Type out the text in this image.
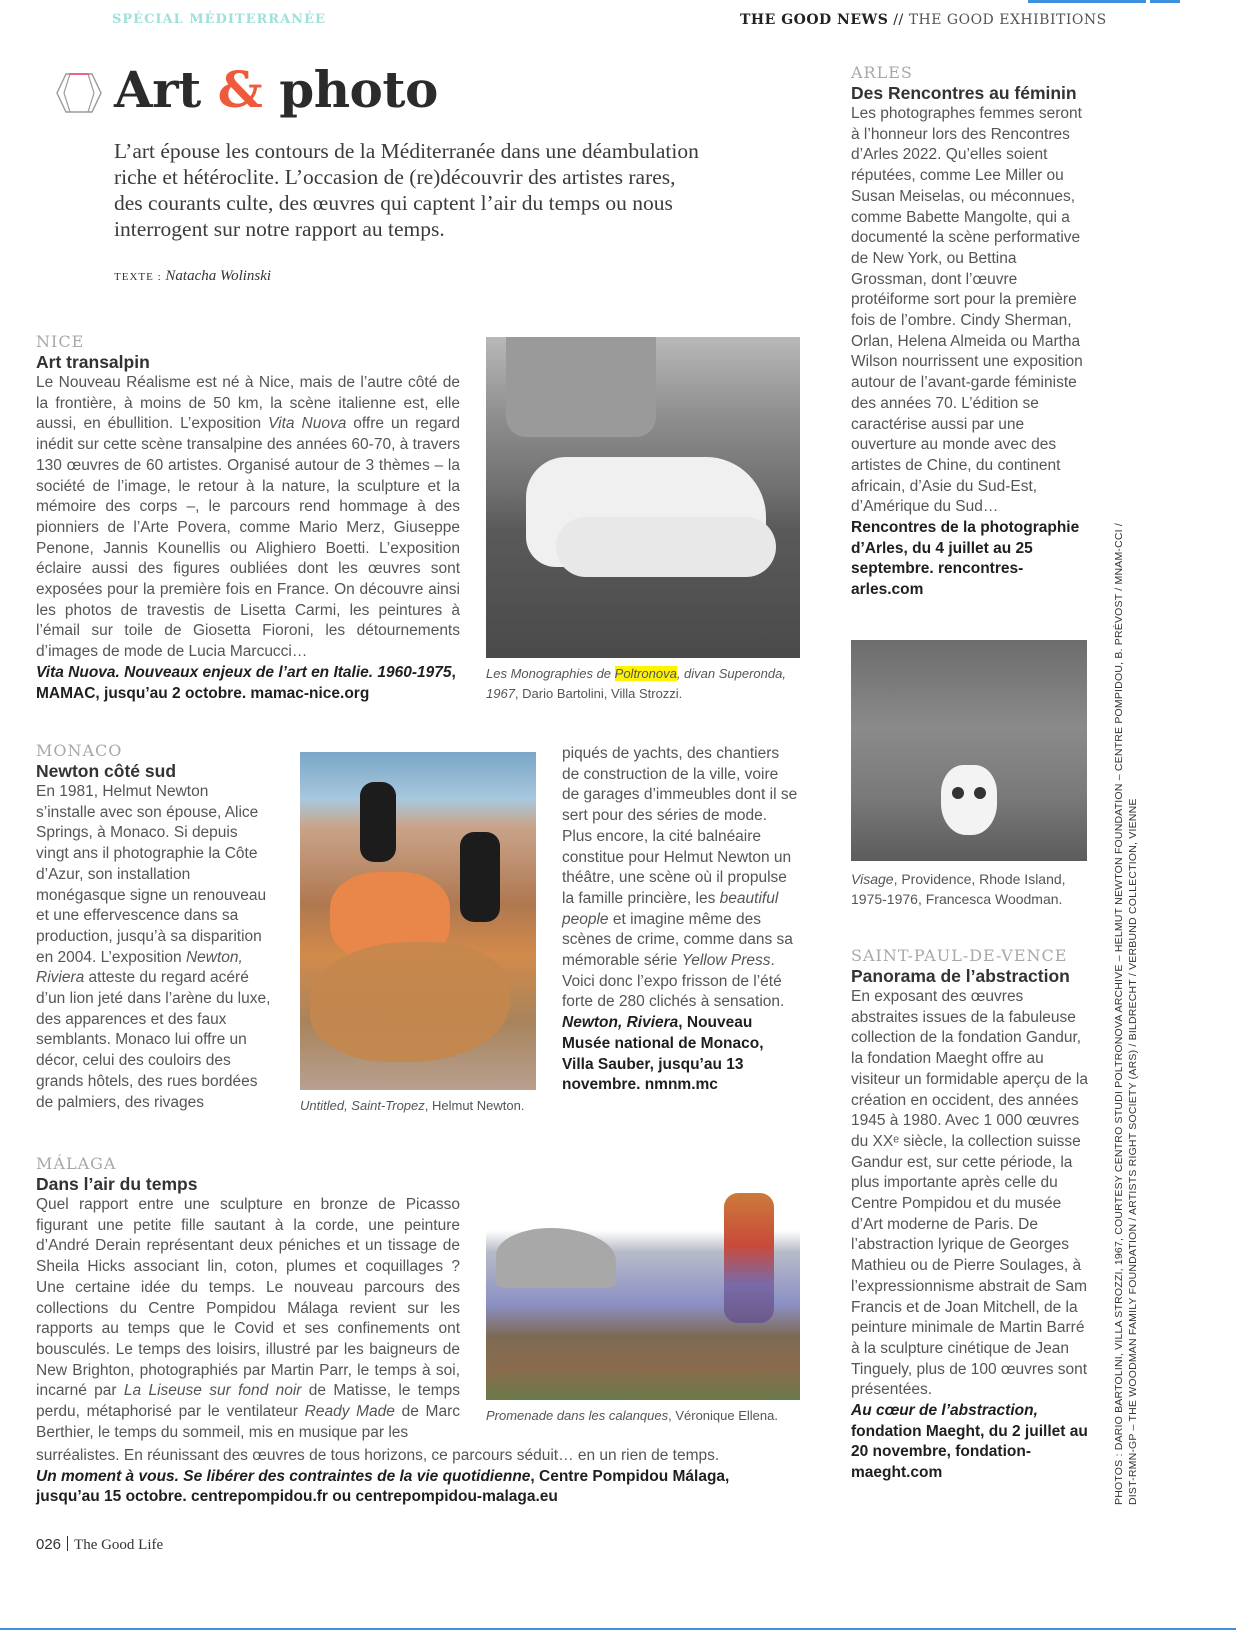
SPÉCIAL MÉDITERRANÉE	THE GOOD NEWS // THE GOOD EXHIBITIONS
Art & photo

L’art épouse les contours de la Méditerranée dans une déambulation riche et hétéroclite. L’occasion de (re)découvrir des artistes rares, des courants culte, des œuvres qui captent l’air du temps ou nous interrogent sur notre rapport au temps.

TEXTE : Natacha Wolinski
NICE
Art transalpin

Le Nouveau Réalisme est né à Nice, mais de l’autre côté de la frontière, à moins de 50 km, la scène italienne est, elle aussi, en ébullition. L’exposition Vita Nuova offre un regard inédit sur cette scène transalpine des années 60-70, à travers 130 œuvres de 60 artistes. Organisé autour de 3 thèmes – la société de l’image, le retour à la nature, la sculpture et la mémoire des corps –, le parcours rend hommage à des pionniers de l’Arte Povera, comme Mario Merz, Giuseppe Penone, Jannis Kounellis ou Alighiero Boetti. L’exposition éclaire aussi des figures oubliées dont les œuvres sont exposées pour la première fois en France. On découvre ainsi les photos de travestis de Lisetta Carmi, les peintures à l’émail sur toile de Giosetta Fioroni, les détournements d’images de mode de Lucia Marcucci…

Vita Nuova. Nouveaux enjeux de l’art en Italie. 1960-1975, MAMAC, jusqu’au 2 octobre. mamac-nice.org

Les Monographies de Poltronova, divan Superonda, 1967, Dario Bartolini, Villa Strozzi.

MONACO
Newton côté sud

En 1981, Helmut Newton s’installe avec son épouse, Alice Springs, à Monaco. Si depuis vingt ans il photographie la Côte d’Azur, son installation monégasque signe un renouveau et une effervescence dans sa production, jusqu’à sa disparition en 2004. L’exposition Newton, Riviera atteste du regard acéré d’un lion jeté dans l’arène du luxe, des apparences et des faux semblants. Monaco lui offre un décor, celui des couloirs des grands hôtels, des rues bordées de palmiers, des rivages	Untitled, Saint-Tropez, Helmut Newton.

piqués de yachts, des chantiers de construction de la ville, voire de garages d’immeubles dont il se sert pour des séries de mode. Plus encore, la cité balnéaire constitue pour Helmut Newton un théâtre, une scène où il propulse la famille princière, les beautiful people et imagine même des scènes de crime, comme dans sa mémorable série Yellow Press. Voici donc l’expo frisson de l’été forte de 280 clichés à sensation.

Newton, Riviera, Nouveau Musée national de Monaco, Villa Sauber, jusqu’au 13 novembre. nmnm.mc

MÁLAGA
Dans l’air du temps

Quel rapport entre une sculpture en bronze de Picasso figurant une petite fille sautant à la corde, une peinture d’André Derain représentant deux péniches et un tissage de Sheila Hicks associant lin, coton, plumes et coquillages ? Une certaine idée du temps. Le nouveau parcours des collections du Centre Pompidou Málaga revient sur les rapports au temps que le Covid et ses confinements ont bousculés. Le temps des loisirs, illustré par les baigneurs de New Brighton, photographiés par Martin Parr, le temps à soi, incarné par La Liseuse sur fond noir de Matisse, le temps perdu, métaphorisé par le ventilateur Ready Made de Marc Berthier, le temps du sommeil, mis en musique par les

Promenade dans les calanques, Véronique Ellena.

surréalistes. En réunissant des œuvres de tous horizons, ce parcours séduit… en un rien de temps.

Un moment à vous. Se libérer des contraintes de la vie quotidienne, Centre Pompidou Málaga, jusqu’au 15 octobre. centrepompidou.fr ou centrepompidou-malaga.eu

ARLES
Des Rencontres au féminin

Les photographes femmes seront à l’honneur lors des Rencontres d’Arles 2022. Qu’elles soient réputées, comme Lee Miller ou Susan Meiselas, ou méconnues, comme Babette Mangolte, qui a documenté la scène performative de New York, ou Bettina Grossman, dont l’œuvre protéiforme sort pour la première fois de l’ombre. Cindy Sherman, Orlan, Helena Almeida ou Martha Wilson nourrissent une exposition autour de l’avant-garde féministe des années 70. L’édition se caractérise aussi par une ouverture au monde avec des artistes de Chine, du continent africain, d’Asie du Sud-Est, d’Amérique du Sud…

Rencontres de la photographie d’Arles, du 4 juillet au 25 septembre. rencontres-arles.com

Visage, Providence, Rhode Island, 1975-1976, Francesca Woodman.

SAINT-PAUL-DE-VENCE
Panorama de l’abstraction

En exposant des œuvres abstraites issues de la fabuleuse collection de la fondation Gandur, la fondation Maeght offre au visiteur un formidable aperçu de la création en occident, des années 1945 à 1980. Avec 1 000 œuvres du XXᵉ siècle, la collection suisse Gandur est, sur cette période, la plus importante après celle du Centre Pompidou et du musée d’Art moderne de Paris. De l’abstraction lyrique de Georges Mathieu ou de Pierre Soulages, à l’expressionnisme abstrait de Sam Francis et de Joan Mitchell, de la peinture minimale de Martin Barré à la sculpture cinétique de Jean Tinguely, plus de 100 œuvres sont présentées.

Au cœur de l’abstraction,
fondation Maeght, du 2 juillet au 20 novembre, fondation-maeght.com	PHOTOS : DARIO BARTOLINI, VILLA STROZZI, 1967, COURTESY CENTRO STUDI POLTRONOVA ARCHIVE – HELMUT NEWTON FOUNDATION – CENTRE POMPIDOU, B. PRÉVOST / MNAM-CCI / DIST-RMN-GP – THE WOODMAN FAMILY FOUNDATION / ARTISTS RIGHT SOCIETY (ARS) / BILDRECHT / VERBUND COLLECTION, VIENNE
026 The Good Life
